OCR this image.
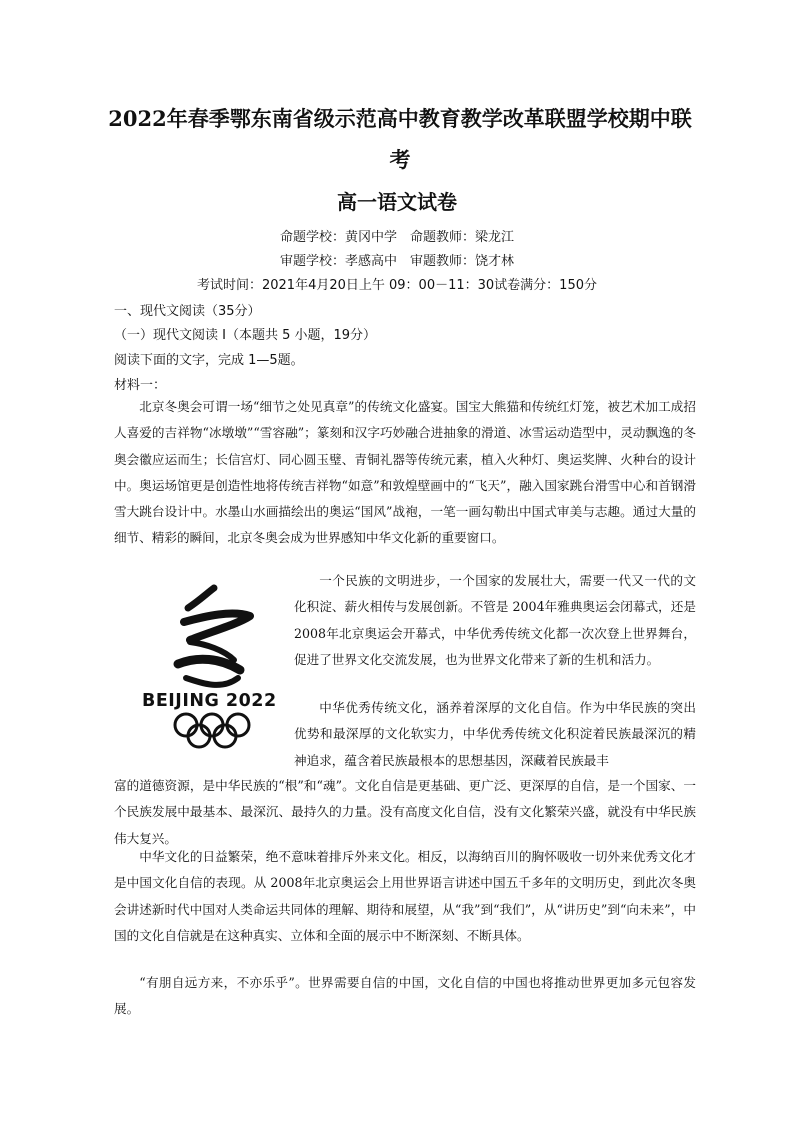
2022年春季鄂东南省级示范高中教育教学改革联盟学校期中联
考
高一语文试卷
命题学校：黄冈中学　命题教师：梁龙江
审题学校：孝感高中　审题教师：饶才林
考试时间：2021年4月20日上午 09：00－11：30试卷满分：150分
一、现代文阅读（35分）
（一）现代文阅读 I（本题共 5 小题，19分）
阅读下面的文字，完成 1—5题。
材料一：

北京冬奥会可谓一场“细节之处见真章”的传统文化盛宴。国宝大熊猫和传统红灯笼，被艺术加工成招人喜爱的吉祥物“冰墩墩”“雪容融”；篆刻和汉字巧妙融合进抽象的滑道、冰雪运动造型中，灵动飘逸的冬奥会徽应运而生；长信宫灯、同心圆玉璧、青铜礼器等传统元素，植入火种灯、奥运奖牌、火种台的设计中。奥运场馆更是创造性地将传统吉祥物“如意”和敦煌壁画中的“飞天”，融入国家跳台滑雪中心和首钢滑雪大跳台设计中。水墨山水画描绘出的奥运“国风”战袍，一笔一画勾勒出中国式审美与志趣。通过大量的细节、精彩的瞬间，北京冬奥会成为世界感知中华文化新的重要窗口。

BEIJING 2022

一个民族的文明进步，一个国家的发展壮大，需要一代又一代的文化积淀、薪火相传与发展创新。不管是 2004年雅典奥运会闭幕式，还是 2008年北京奥运会开幕式，中华优秀传统文化都一次次登上世界舞台，促进了世界文化交流发展，也为世界文化带来了新的生机和活力。

中华优秀传统文化，涵养着深厚的文化自信。作为中华民族的突出优势和最深厚的文化软实力，中华优秀传统文化积淀着民族最深沉的精神追求，蕴含着民族最根本的思想基因，深藏着民族最丰

富的道德资源，是中华民族的“根”和“魂”。文化自信是更基础、更广泛、更深厚的自信，是一个国家、一个民族发展中最基本、最深沉、最持久的力量。没有高度文化自信，没有文化繁荣兴盛，就没有中华民族伟大复兴。

中华文化的日益繁荣，绝不意味着排斥外来文化。相反，以海纳百川的胸怀吸收一切外来优秀文化才是中国文化自信的表现。从 2008年北京奥运会上用世界语言讲述中国五千多年的文明历史，到此次冬奥会讲述新时代中国对人类命运共同体的理解、期待和展望，从“我”到“我们”，从“讲历史”到“向未来”，中国的文化自信就是在这种真实、立体和全面的展示中不断深刻、不断具体。

“有朋自远方来，不亦乐乎”。世界需要自信的中国，文化自信的中国也将推动世界更加多元包容发展。
